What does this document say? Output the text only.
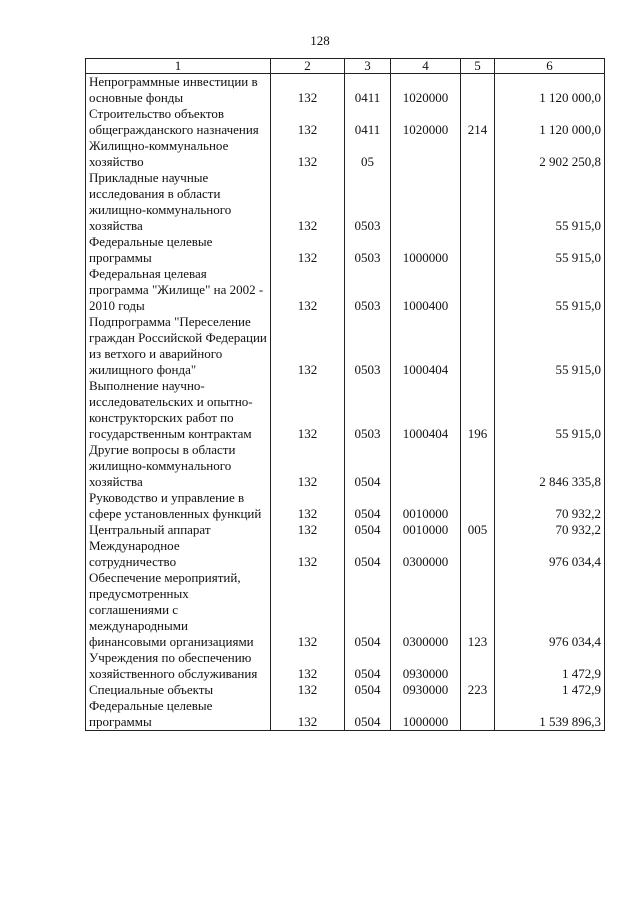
128
1	2	3	4	5	6
Непрограммные инвестиции в основные фонды	132	0411	1020000		1 120 000,0
Строительство объектов общегражданского назначения	132	0411	1020000	214	1 120 000,0
Жилищно-коммунальное хозяйство	132	05			2 902 250,8
Прикладные научные исследования в области жилищно-коммунального хозяйства	132	0503			55 915,0
Федеральные целевые программы	132	0503	1000000		55 915,0
Федеральная целевая программа "Жилище" на 2002 - 2010 годы	132	0503	1000400		55 915,0
Подпрограмма "Переселение граждан Российской Федерации из ветхого и аварийного жилищного фонда"	132	0503	1000404		55 915,0
Выполнение научно-исследовательских и опытно-конструкторских работ по государственным контрактам	132	0503	1000404	196	55 915,0
Другие вопросы в области жилищно-коммунального хозяйства	132	0504			2 846 335,8
Руководство и управление в сфере установленных функций	132	0504	0010000		70 932,2
Центральный аппарат	132	0504	0010000	005	70 932,2
Международное сотрудничество	132	0504	0300000		976 034,4
Обеспечение мероприятий, предусмотренных соглашениями с международными финансовыми организациями	132	0504	0300000	123	976 034,4
Учреждения по обеспечению хозяйственного обслуживания	132	0504	0930000		1 472,9
Специальные объекты	132	0504	0930000	223	1 472,9
Федеральные целевые программы	132	0504	1000000		1 539 896,3
